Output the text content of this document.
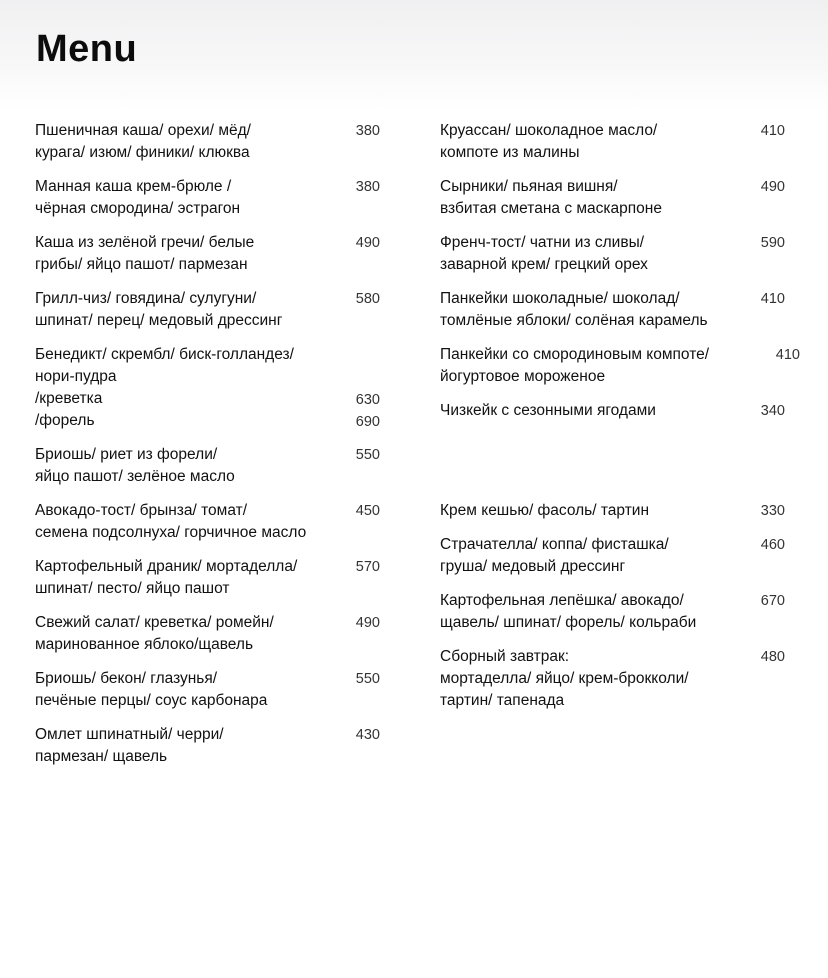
Menu
Пшеничная каша/ орехи/ мёд/
курага/ изюм/ финики/ клюква
380
Манная каша крем-брюле /
чёрная смородина/ эстрагон
380
Каша из зелёной гречи/ белые
грибы/ яйцо пашот/ пармезан
490
Грилл-чиз/ говядина/ сулугуни/
шпинат/ перец/ медовый дрессинг
580
Бенедикт/ скрембл/ биск-голландез/
нори-пудра
/креветка	630
/форель	690
Бриошь/ риет из форели/
яйцо пашот/ зелёное масло
550
Авокадо-тост/ брынза/ томат/
семена подсолнуха/ горчичное масло
450
Картофельный драник/ мортаделла/
шпинат/ песто/ яйцо пашот
570
Свежий салат/ креветка/ ромейн/
маринованное яблоко/щавель
490
Бриошь/ бекон/ глазунья/
печёные перцы/ соус карбонара
550
Омлет шпинатный/ черри/
пармезан/ щавель
430
Круассан/ шоколадное масло/
компоте из малины
410
Сырники/ пьяная вишня/
взбитая сметана с маскарпоне
490
Френч-тост/ чатни из сливы/
заварной крем/ грецкий орех
590
Панкейки шоколадные/ шоколад/
томлёные яблоки/ солёная карамель
410
Панкейки со смородиновым компоте/
йогуртовое мороженое
410
Чизкейк с сезонными ягодами	340
Крем кешью/ фасоль/ тартин	330
Страчателла/ коппа/ фисташка/
груша/ медовый дрессинг
460
Картофельная лепёшка/ авокадо/
щавель/ шпинат/ форель/ кольраби
670
Сборный завтрак:
мортаделла/ яйцо/ крем-брокколи/
тартин/ тапенада
480
